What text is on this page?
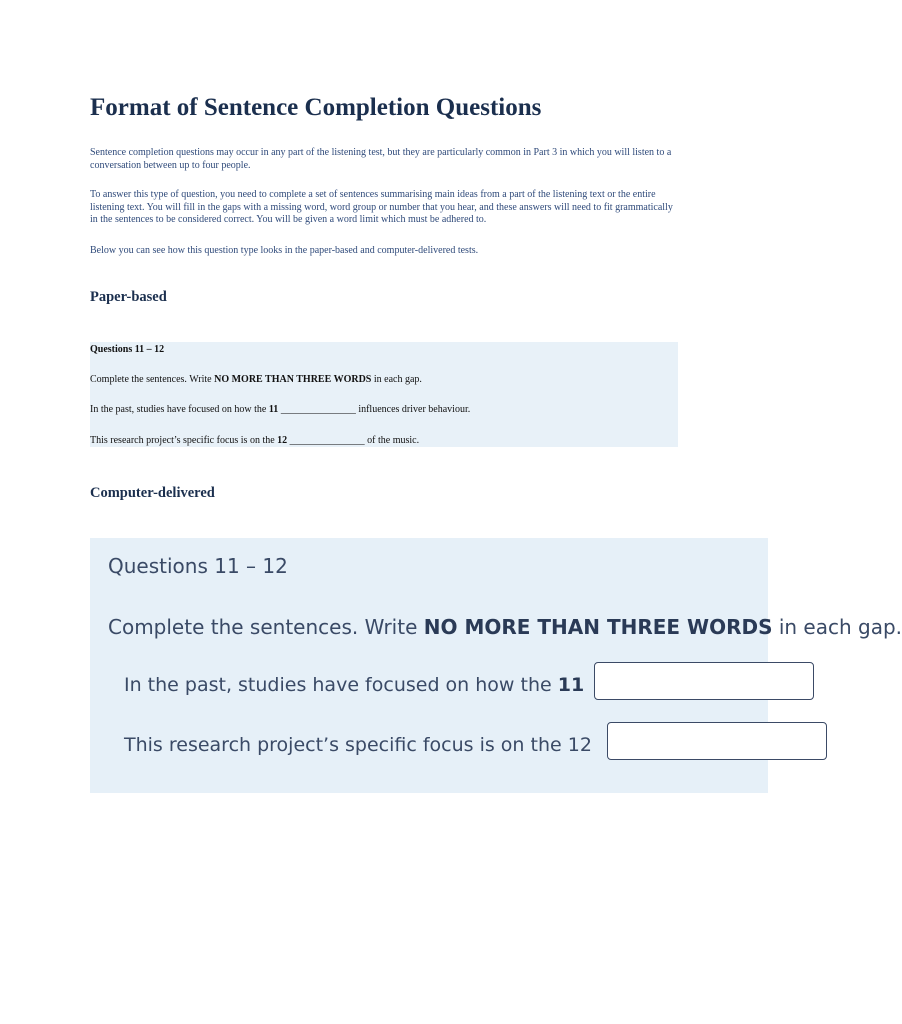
Format of Sentence Completion Questions

Sentence completion questions may occur in any part of the listening test, but they are particularly common in Part 3 in which you will listen to a conversation between up to four people.

To answer this type of question, you need to complete a set of sentences summarising main ideas from a part of the listening text or the entire listening text. You will fill in the gaps with a missing word, word group or number that you hear, and these answers will need to fit grammatically in the sentences to be considered correct. You will be given a word limit which must be adhered to.

Below you can see how this question type looks in the paper-based and computer-delivered tests.

Paper-based
Questions 11 – 12
Complete the sentences. Write NO MORE THAN THREE WORDS in each gap.
In the past, studies have focused on how the 11 _______________ influences driver behaviour.
This research project’s specific focus is on the 12 _______________ of the music.
Computer-delivered
Questions 11 – 12
Complete the sentences. Write NO MORE THAN THREE WORDS in each gap.
In the past, studies have focused on how the 11
This research project’s specific focus is on the 12
